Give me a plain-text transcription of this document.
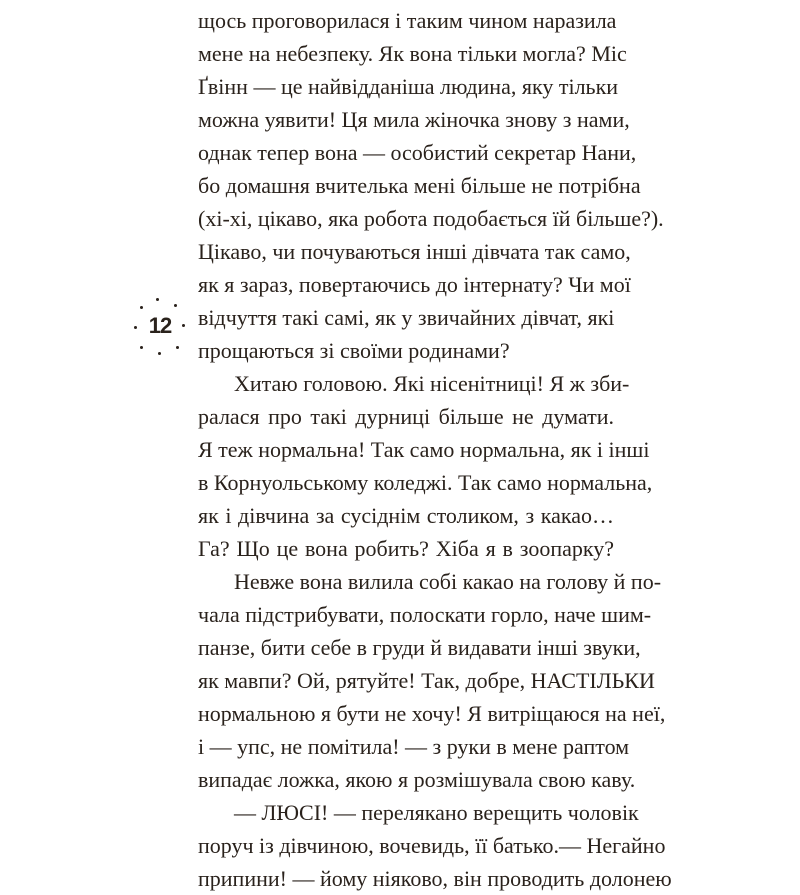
щось проговорилася і таким чином наразила
мене на небезпеку. Як вона тільки могла? Міс
Ґвінн — це найвідданіша людина, яку тільки
можна уявити! Ця мила жіночка знову з нами,
однак тепер вона — особистий секретар Нани,
бо домашня вчителька мені більше не потрібна
(хі-хі, цікаво, яка робота подобається їй більше?).
Цікаво, чи почуваються інші дівчата так само,
як я зараз, повертаючись до інтернату? Чи мої
відчуття такі самі, як у звичайних дівчат, які
прощаються зі своїми родинами?
Хитаю головою. Які нісенітниці! Я ж зби-
ралася про такі дурниці більше не думати.
Я теж нормальна! Так само нормальна, як і інші
в Корнуольському коледжі. Так само нормальна,
як і дівчина за сусіднім столиком, з какао…
Га? Що це вона робить? Хіба я в зоопарку?
Невже вона вилила собі какао на голову й по-
чала підстрибувати, полоскати горло, наче шим-
панзе, бити себе в груди й видавати інші звуки,
як мавпи? Ой, рятуйте! Так, добре, НАСТІЛЬКИ
нормальною я бути не хочу! Я витріщаюся на неї,
і — упс, не помітила! — з руки в мене раптом
випадає ложка, якою я розмішувала свою каву.
— ЛЮСІ! — перелякано верещить чоловік
поруч із дівчиною, вочевидь, її батько.— Негайно
припини! — йому ніяково, він проводить долонею
12
